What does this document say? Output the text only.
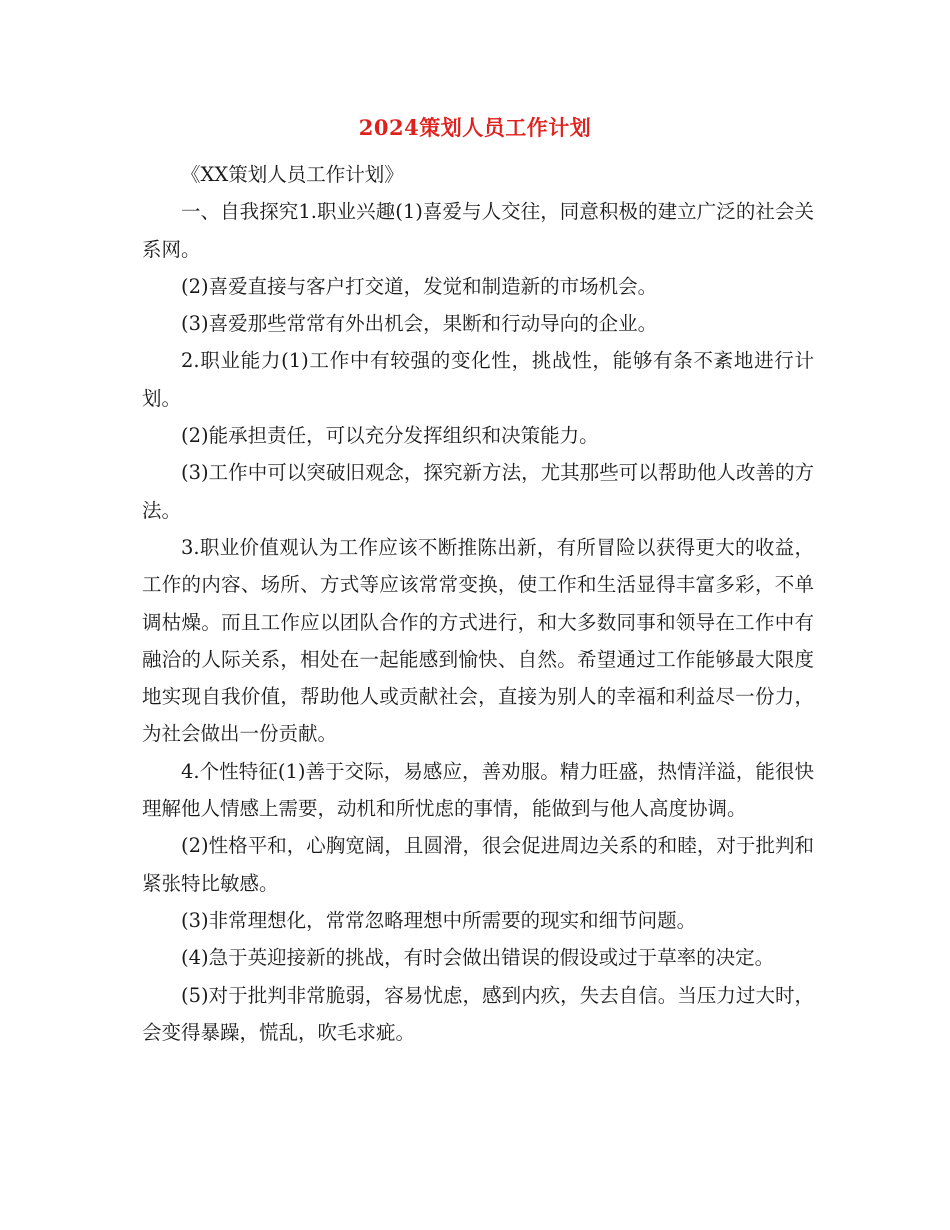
2024策划人员工作计划

《XX策划人员工作计划》

一、自我探究1.职业兴趣(1)喜爱与人交往，同意积极的建立广泛的社会关系网。

(2)喜爱直接与客户打交道，发觉和制造新的市场机会。

(3)喜爱那些常常有外出机会，果断和行动导向的企业。

2.职业能力(1)工作中有较强的变化性，挑战性，能够有条不紊地进行计划。

(2)能承担责任，可以充分发挥组织和决策能力。

(3)工作中可以突破旧观念，探究新方法，尤其那些可以帮助他人改善的方法。

3.职业价值观认为工作应该不断推陈出新，有所冒险以获得更大的收益，工作的内容、场所、方式等应该常常变换，使工作和生活显得丰富多彩，不单调枯燥。而且工作应以团队合作的方式进行，和大多数同事和领导在工作中有融洽的人际关系，相处在一起能感到愉快、自然。希望通过工作能够最大限度地实现自我价值，帮助他人或贡献社会，直接为别人的幸福和利益尽一份力，为社会做出一份贡献。

4.个性特征(1)善于交际，易感应，善劝服。精力旺盛，热情洋溢，能很快理解他人情感上需要，动机和所忧虑的事情，能做到与他人高度协调。

(2)性格平和，心胸宽阔，且圆滑，很会促进周边关系的和睦，对于批判和紧张特比敏感。

(3)非常理想化，常常忽略理想中所需要的现实和细节问题。

(4)急于英迎接新的挑战，有时会做出错误的假设或过于草率的决定。

(5)对于批判非常脆弱，容易忧虑，感到内疚，失去自信。当压力过大时，会变得暴躁，慌乱，吹毛求疵。
